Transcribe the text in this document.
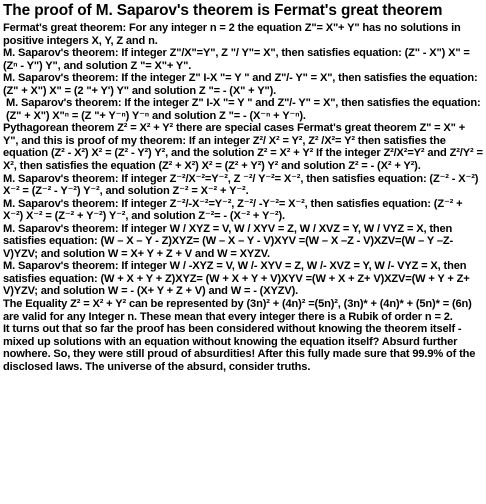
The proof of M. Saparov's theorem is Fermat's great theorem

Fermat's great theorem: For any integer n = 2 the equation Z"= X"+ Y" has no solutions in positive integers X, Y, Z and n.

M. Saparov's theorem: If integer Z"/X"=Y", Z "/ Y"= X", then satisfies equation: (Z" - X") X" = (Zⁿ - Y") Y", and solution Z "= X"+ Y".

M. Saparov's theorem: If the integer Z" I-X "= Y " and Z"/- Y" = X", then satisfies the equation: (Z" + X") X" = (2 "+ Y') Y" and solution Z "= - (X" + Y").

M. Saparov's theorem: If the integer Z" I-X "= Y " and Z"/- Y" = X", then satisfies the equation: (Z" + X") X"ⁿ = (Z "+ Y⁻ⁿ) Y⁻ⁿ and solution Z "= - (X⁻ⁿ + Y⁻ⁿ).

Pythagorean theorem Z² = X² + Y² there are special cases Fermat's great theorem Z" = X" + Y", and this is proof of my theorem: If an integer Z²/ X² = Y², Z² /X²= Y² then satisfies the equation (Z² - X²) X² = (Z² - Y²) Y², and the solution Z² = X² + Y² If the integer Z²/X²=Y² and Z²/Y² = X², then satisfies the equation (Z² + X²) X² = (Z² + Y²) Y² and solution Z² = - (X² + Y²).

M. Saparov's theorem: If integer Z⁻²/X⁻²=Y⁻², Z ⁻²/ Y⁻²= X⁻², then satisfies equation: (Z⁻² - X⁻²) X⁻² = (Z⁻² - Y⁻²) Y⁻², and solution Z⁻² = X⁻² + Y⁻².

M. Saparov's theorem: If integer Z⁻²/-X⁻²=Y⁻², Z⁻²/ -Y⁻²= X⁻², then satisfies equation: (Z⁻² + X⁻²) X⁻² = (Z⁻² + Y⁻²) Y⁻², and solution Z⁻²= - (X⁻² + Y⁻²).

M. Saparov's theorem: If integer W / XYZ = V, W / XYV = Z, W / XVZ = Y, W / VYZ = X, then satisfies equation: (W – X – Y - Z)XYZ= (W – X – Y - V)XYV =(W – X –Z - V)XZV=(W – Y –Z- V)YZV; and solution W = X+ Y + Z + V and W = XYZV.

M. Saparov's theorem: If integer W / -XYZ = V, W /- XYV = Z, W /- XVZ = Y, W /- VYZ = X, then satisfies equation: (W + X + Y + Z)XYZ= (W + X + Y + V)XYV =(W + X + Z+ V)XZV=(W + Y + Z+ V)YZV; and solution W = - (X+ Y + Z + V) and W = - (XYZV).

The Equality Z² = X² + Y² can be represented by (3n)² + (4n)² =(5n)², (3n)* + (4n)* + (5n)* = (6n) are valid for any Integer n. These mean that every integer there is a Rubik of order n = 2.

It turns out that so far the proof has been considered without knowing the theorem itself - mixed up solutions with an equation without knowing the equation itself? Absurd further nowhere. So, they were still proud of absurdities! After this fully made sure that 99.9% of the disclosed laws. The universe of the absurd, consider truths.
